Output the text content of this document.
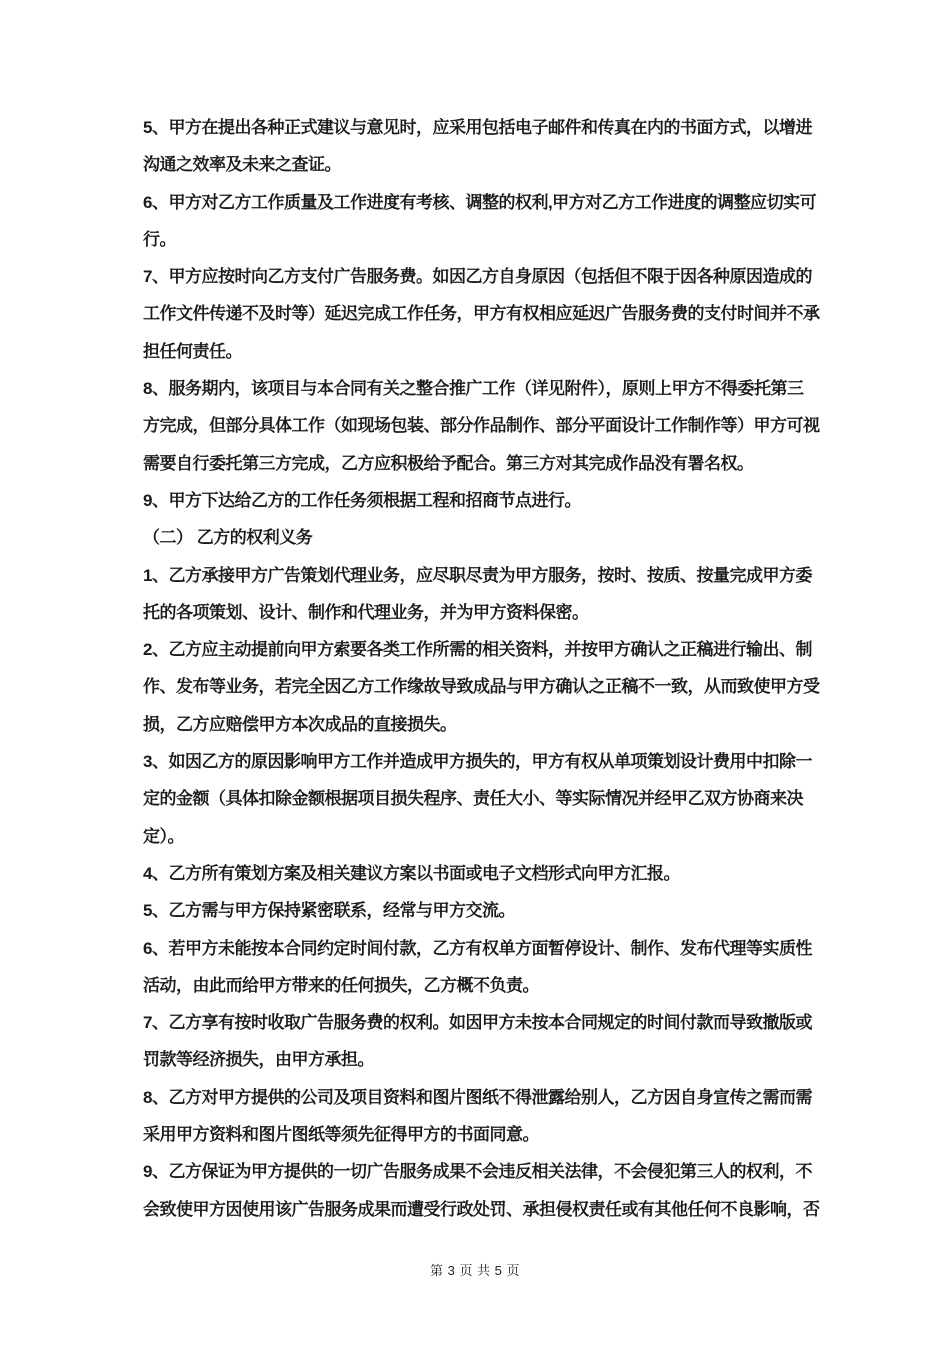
5、甲方在提出各种正式建议与意见时，应采用包括电子邮件和传真在内的书面方式，以增进
沟通之效率及未来之查证。
6、甲方对乙方工作质量及工作进度有考核、调整的权利,甲方对乙方工作进度的调整应切实可
行。
7、甲方应按时向乙方支付广告服务费。如因乙方自身原因（包括但不限于因各种原因造成的
工作文件传递不及时等）延迟完成工作任务，甲方有权相应延迟广告服务费的支付时间并不承
担任何责任。
8、服务期内，该项目与本合同有关之整合推广工作（详见附件），原则上甲方不得委托第三
方完成，但部分具体工作（如现场包装、部分作品制作、部分平面设计工作制作等）甲方可视
需要自行委托第三方完成，乙方应积极给予配合。第三方对其完成作品没有署名权。
9、甲方下达给乙方的工作任务须根据工程和招商节点进行。
（二） 乙方的权利义务
1、乙方承接甲方广告策划代理业务，应尽职尽责为甲方服务，按时、按质、按量完成甲方委
托的各项策划、设计、制作和代理业务，并为甲方资料保密。
2、乙方应主动提前向甲方索要各类工作所需的相关资料，并按甲方确认之正稿进行输出、制
作、发布等业务，若完全因乙方工作缘故导致成品与甲方确认之正稿不一致，从而致使甲方受
损，乙方应赔偿甲方本次成品的直接损失。
3、如因乙方的原因影响甲方工作并造成甲方损失的，甲方有权从单项策划设计费用中扣除一
定的金额（具体扣除金额根据项目损失程序、责任大小、等实际情况并经甲乙双方协商来决
定）。
4、乙方所有策划方案及相关建议方案以书面或电子文档形式向甲方汇报。
5、乙方需与甲方保持紧密联系，经常与甲方交流。
6、若甲方未能按本合同约定时间付款，乙方有权单方面暂停设计、制作、发布代理等实质性
活动，由此而给甲方带来的任何损失，乙方概不负责。
7、乙方享有按时收取广告服务费的权利。如因甲方未按本合同规定的时间付款而导致撤版或
罚款等经济损失，由甲方承担。
8、乙方对甲方提供的公司及项目资料和图片图纸不得泄露给别人，乙方因自身宣传之需而需
采用甲方资料和图片图纸等须先征得甲方的书面同意。
9、乙方保证为甲方提供的一切广告服务成果不会违反相关法律，不会侵犯第三人的权利，不
会致使甲方因使用该广告服务成果而遭受行政处罚、承担侵权责任或有其他任何不良影响，否
第 3 页 共 5 页
